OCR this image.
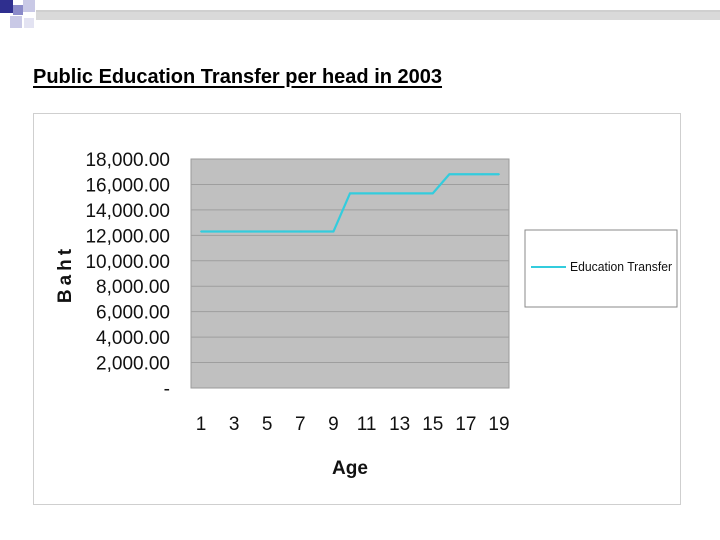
Public Education Transfer per head in 2003
-
2,000.00
4,000.00
6,000.00
8,000.00
10,000.00
12,000.00
14,000.00
16,000.00
18,000.00
1 3 5 7 9 11 13 15 17 19
Baht
Age
Education Transfer
